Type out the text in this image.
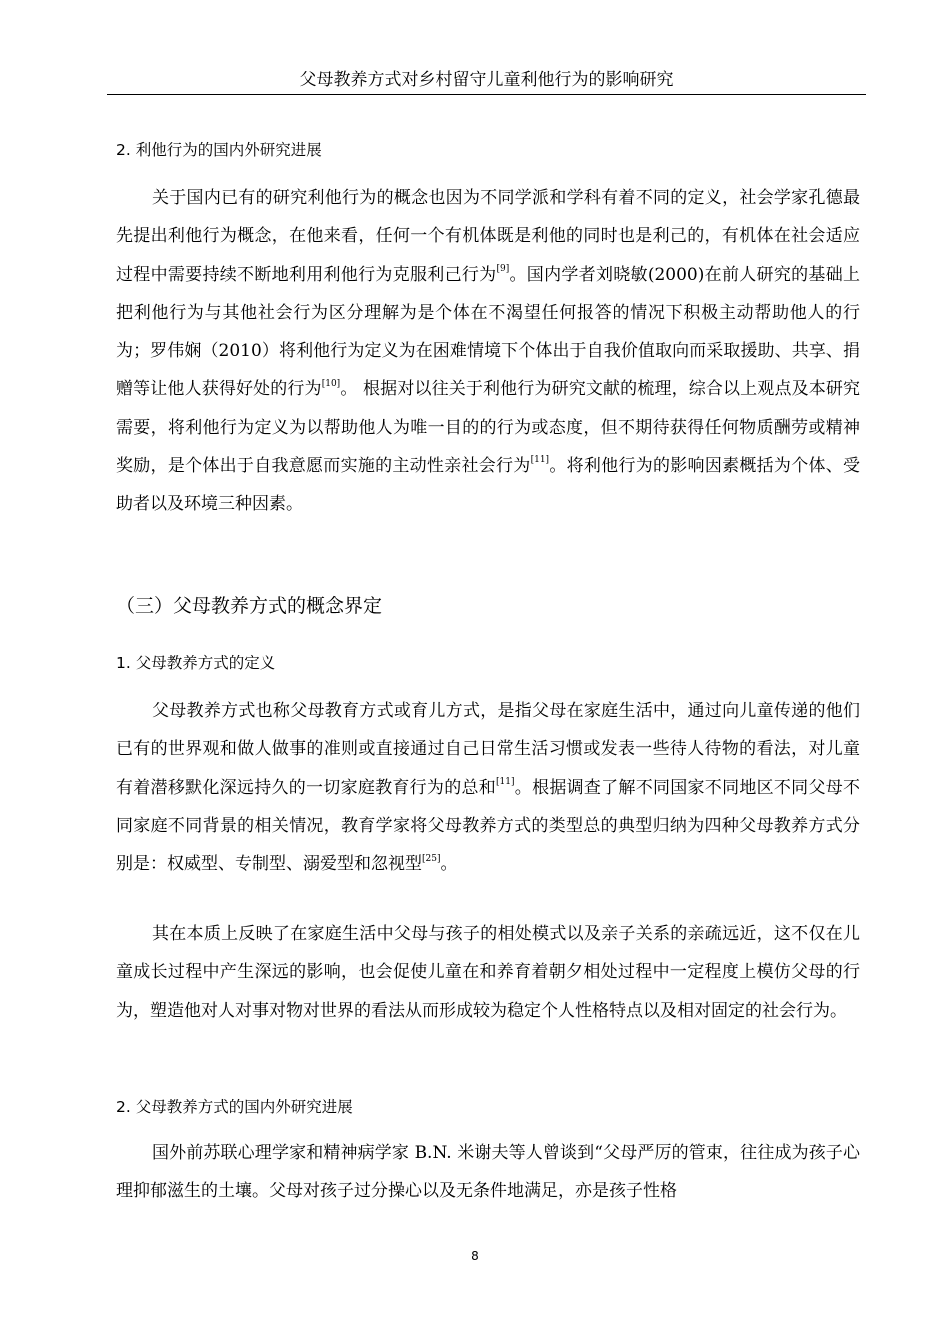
父母教养方式对乡村留守儿童利他行为的影响研究
2. 利他行为的国内外研究进展
关于国内已有的研究利他行为的概念也因为不同学派和学科有着不同的定义，社会学家孔德最先提出利他行为概念，在他来看，任何一个有机体既是利他的同时也是利己的，有机体在社会适应过程中需要持续不断地利用利他行为克服利己行为[9]。国内学者刘晓敏(2000)在前人研究的基础上把利他行为与其他社会行为区分理解为是个体在不渴望任何报答的情况下积极主动帮助他人的行为；罗伟娴（2010）将利他行为定义为在困难情境下个体出于自我价值取向而采取援助、共享、捐赠等让他人获得好处的行为[10]。 根据对以往关于利他行为研究文献的梳理，综合以上观点及本研究需要，将利他行为定义为以帮助他人为唯一目的的行为或态度，但不期待获得任何物质酬劳或精神奖励，是个体出于自我意愿而实施的主动性亲社会行为[11]。将利他行为的影响因素概括为个体、受助者以及环境三种因素。
（三）父母教养方式的概念界定
1. 父母教养方式的定义
父母教养方式也称父母教育方式或育儿方式，是指父母在家庭生活中，通过向儿童传递的他们已有的世界观和做人做事的准则或直接通过自己日常生活习惯或发表一些待人待物的看法，对儿童有着潜移默化深远持久的一切家庭教育行为的总和[11]。根据调查了解不同国家不同地区不同父母不同家庭不同背景的相关情况，教育学家将父母教养方式的类型总的典型归纳为四种父母教养方式分别是：权威型、专制型、溺爱型和忽视型[25]。
其在本质上反映了在家庭生活中父母与孩子的相处模式以及亲子关系的亲疏远近，这不仅在儿童成长过程中产生深远的影响，也会促使儿童在和养育着朝夕相处过程中一定程度上模仿父母的行为，塑造他对人对事对物对世界的看法从而形成较为稳定个人性格特点以及相对固定的社会行为。
2. 父母教养方式的国内外研究进展
国外前苏联心理学家和精神病学家 B.N. 米谢夫等人曾谈到“父母严厉的管束，往往成为孩子心理抑郁滋生的土壤。父母对孩子过分操心以及无条件地满足，亦是孩子性格
8
